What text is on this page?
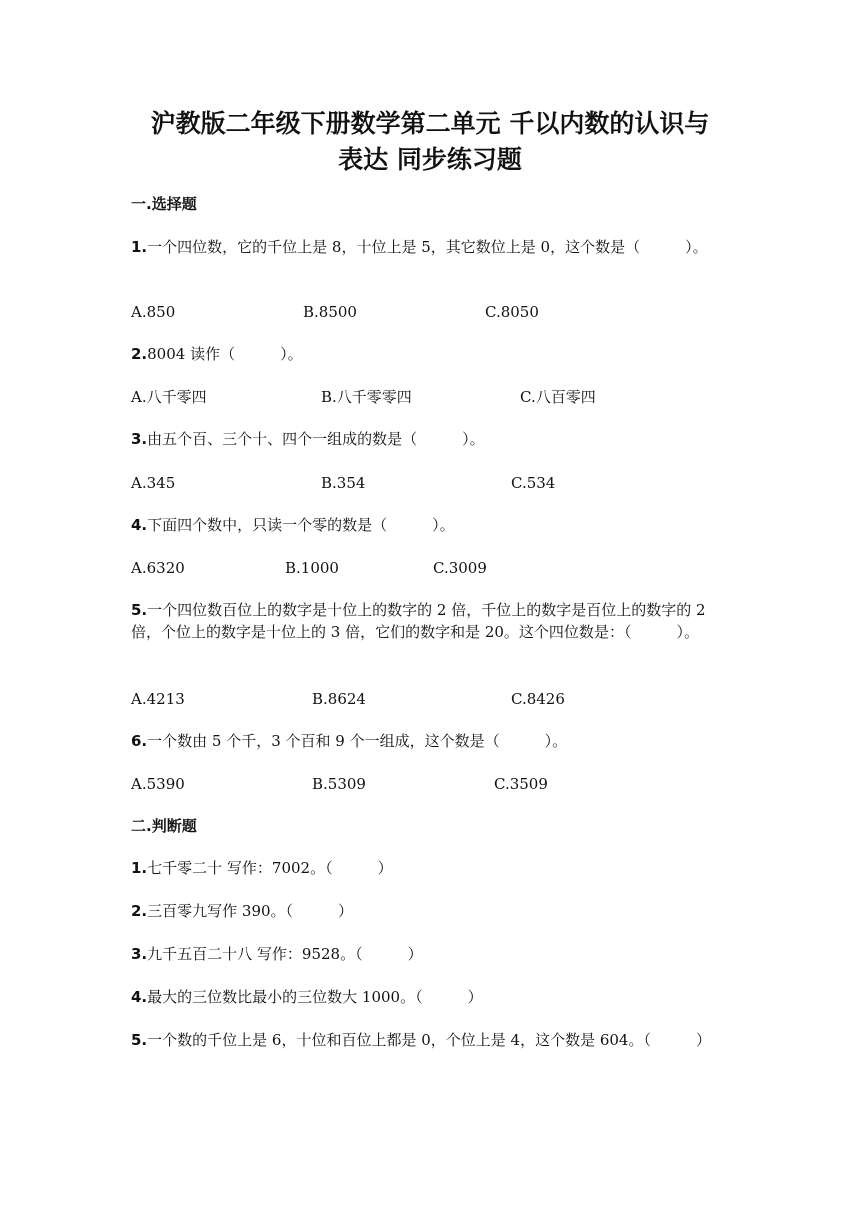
沪教版二年级下册数学第二单元 千以内数的认识与
表达 同步练习题
一.选择题
1.一个四位数，它的千位上是 8，十位上是 5，其它数位上是 0，这个数是（　　　）。
A.850	B.8500	C.8050
2.8004 读作（　　　）。
A.八千零四	B.八千零零四	C.八百零四
3.由五个百、三个十、四个一组成的数是（　　　）。
A.345	B.354	C.534
4.下面四个数中，只读一个零的数是（　　　）。
A.6320	B.1000	C.3009
5.一个四位数百位上的数字是十位上的数字的 2 倍，千位上的数字是百位上的数字的 2 倍，个位上的数字是十位上的 3 倍，它们的数字和是 20。这个四位数是：（　　　）。
A.4213	B.8624	C.8426
6.一个数由 5 个千，3 个百和 9 个一组成，这个数是（　　　）。
A.5390	B.5309	C.3509
二.判断题
1.七千零二十 写作：7002。（　　　）
2.三百零九写作 390。（　　　）
3.九千五百二十八 写作：9528。（　　　）
4.最大的三位数比最小的三位数大 1000。（　　　）
5.一个数的千位上是 6，十位和百位上都是 0，个位上是 4，这个数是 604。（　　　）
